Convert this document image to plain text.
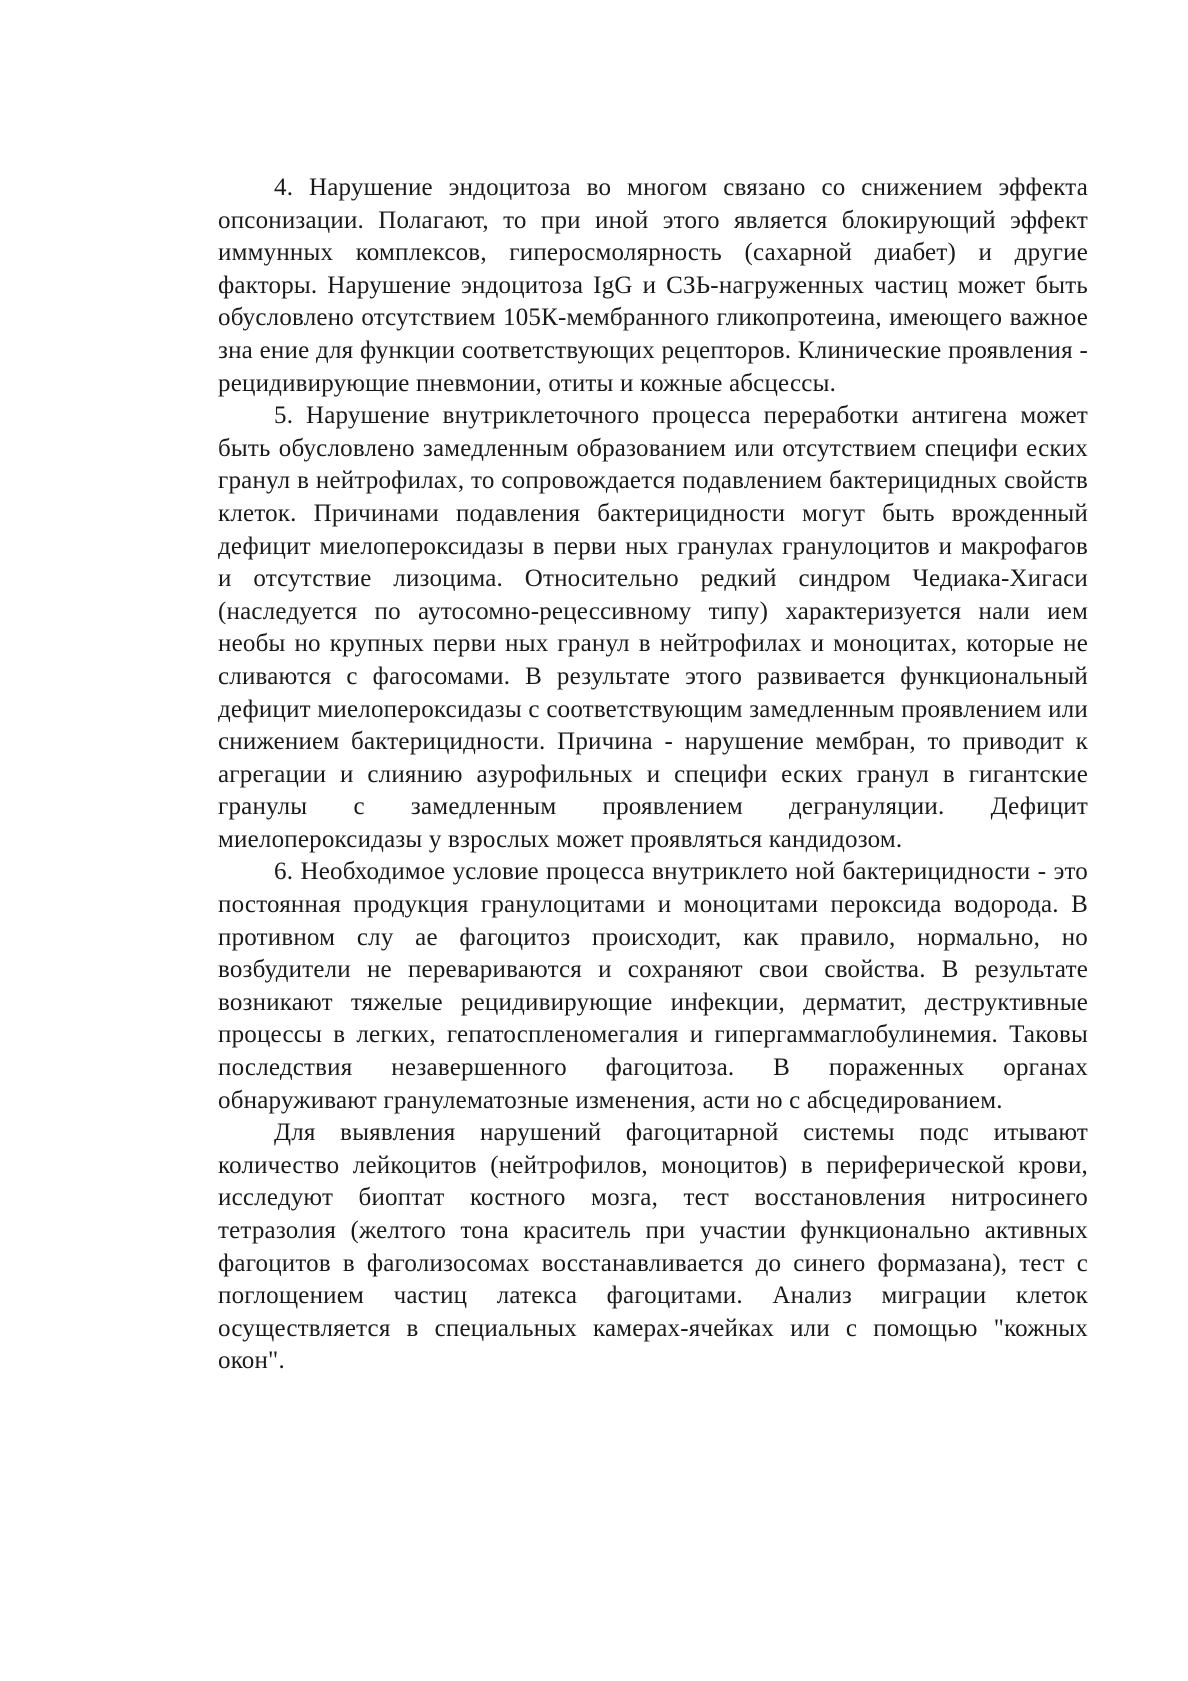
4. Нарушение эндоцитоза во многом связано со снижением эффекта опсонизации. Полагают, то при иной этого является блокирующий эффект иммунных комплексов, гиперосмолярность (сахарной диабет) и другие факторы. Нарушение эндоцитоза IgG и СЗЬ-нагруженных частиц может быть обусловлено отсутствием 105К-мембранного гликопротеина, имеющего важное зна ение для функции соответствующих рецепторов. Клинические проявления - рецидивирующие пневмонии, отиты и кожные абсцессы.

5. Нарушение внутриклеточного процесса переработки антигена может быть обусловлено замедленным образованием или отсутствием специфи еских гранул в нейтрофилах, то сопровождается подавлением бактерицидных свойств клеток. Причинами подавления бактерицидности могут быть врожденный дефицит миелопероксидазы в перви ных гранулах гранулоцитов и макрофагов и отсутствие лизоцима. Относительно редкий синдром Чедиака-Хигаси (наследуется по аутосомно-рецессивному типу) характеризуется нали ием необы но крупных перви ных гранул в нейтрофилах и моноцитах, которые не сливаются с фагосомами. В результате этого развивается функциональный дефицит миелопероксидазы с соответствующим замедленным проявлением или снижением бактерицидности. Причина - нарушение мембран, то приводит к агрегации и слиянию азурофильных и специфи еских гранул в гигантские гранулы с замедленным проявлением дегрануляции. Дефицит миелопероксидазы у взрослых может проявляться кандидозом.

6. Необходимое условие процесса внутриклето ной бактерицидности - это постоянная продукция гранулоцитами и моноцитами пероксида водорода. В противном слу ае фагоцитоз происходит, как правило, нормально, но возбудители не перевариваются и сохраняют свои свойства. В результате возникают тяжелые рецидивирующие инфекции, дерматит, деструктивные процессы в легких, гепатоспленомегалия и гипергаммаглобулинемия. Таковы последствия незавершенного фагоцитоза. В пораженных органах обнаруживают гранулематозные изменения, асти но с абсцедированием.

Для выявления нарушений фагоцитарной системы подс итывают количество лейкоцитов (нейтрофилов, моноцитов) в периферической крови, исследуют биоптат костного мозга, тест восстановления нитросинего тетразолия (желтого тона краситель при участии функционально активных фагоцитов в фаголизосомах восстанавливается до синего формазана), тест с поглощением частиц латекса фагоцитами. Анализ миграции клеток осуществляется в специальных камерах-ячейках или с помощью "кожных окон".
